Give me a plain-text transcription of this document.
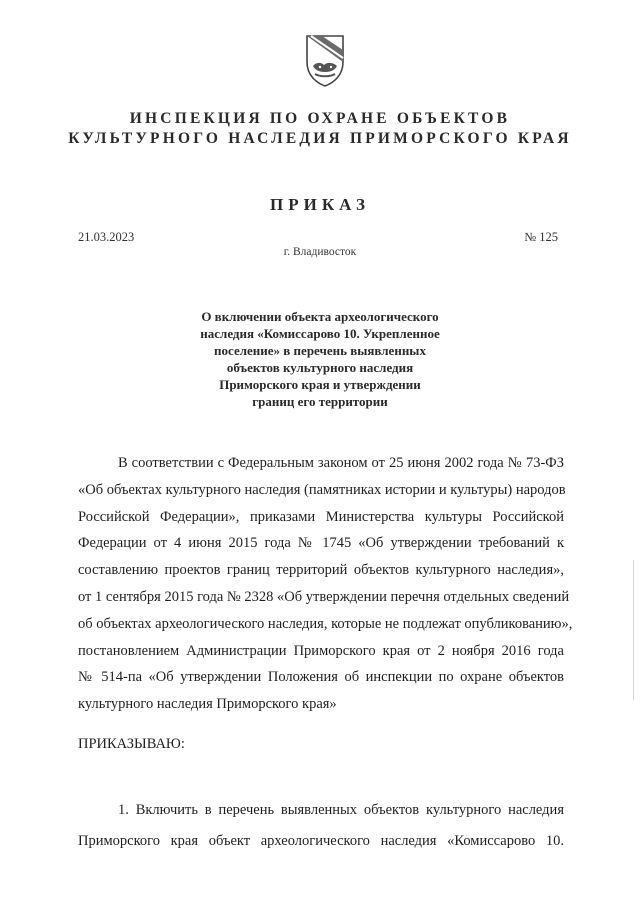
ИНСПЕКЦИЯ ПО ОХРАНЕ ОБЪЕКТОВ
КУЛЬТУРНОГО НАСЛЕДИЯ ПРИМОРСКОГО КРАЯ
ПРИКАЗ
21.03.2023	№ 125
г. Владивосток
О включении объекта археологического
наследия «Комиссарово 10. Укрепленное
поселение» в перечень выявленных
объектов культурного наследия
Приморского края и утверждении
границ его территории
В соответствии с Федеральным законом от 25 июня 2002 года № 73-ФЗ
«Об объектах культурного наследия (памятниках истории и культуры) народов
Российской Федерации», приказами Министерства культуры Российской
Федерации от 4 июня 2015 года № 1745 «Об утверждении требований к
составлению проектов границ территорий объектов культурного наследия»,
от 1 сентября 2015 года № 2328 «Об утверждении перечня отдельных сведений
об объектах археологического наследия, которые не подлежат опубликованию»,
постановлением Администрации Приморского края от 2 ноября 2016 года
№ 514-па «Об утверждении Положения об инспекции по охране объектов
культурного наследия Приморского края»
ПРИКАЗЫВАЮ:
1. Включить в перечень выявленных объектов культурного наследия
Приморского края объект археологического наследия «Комиссарово 10.
